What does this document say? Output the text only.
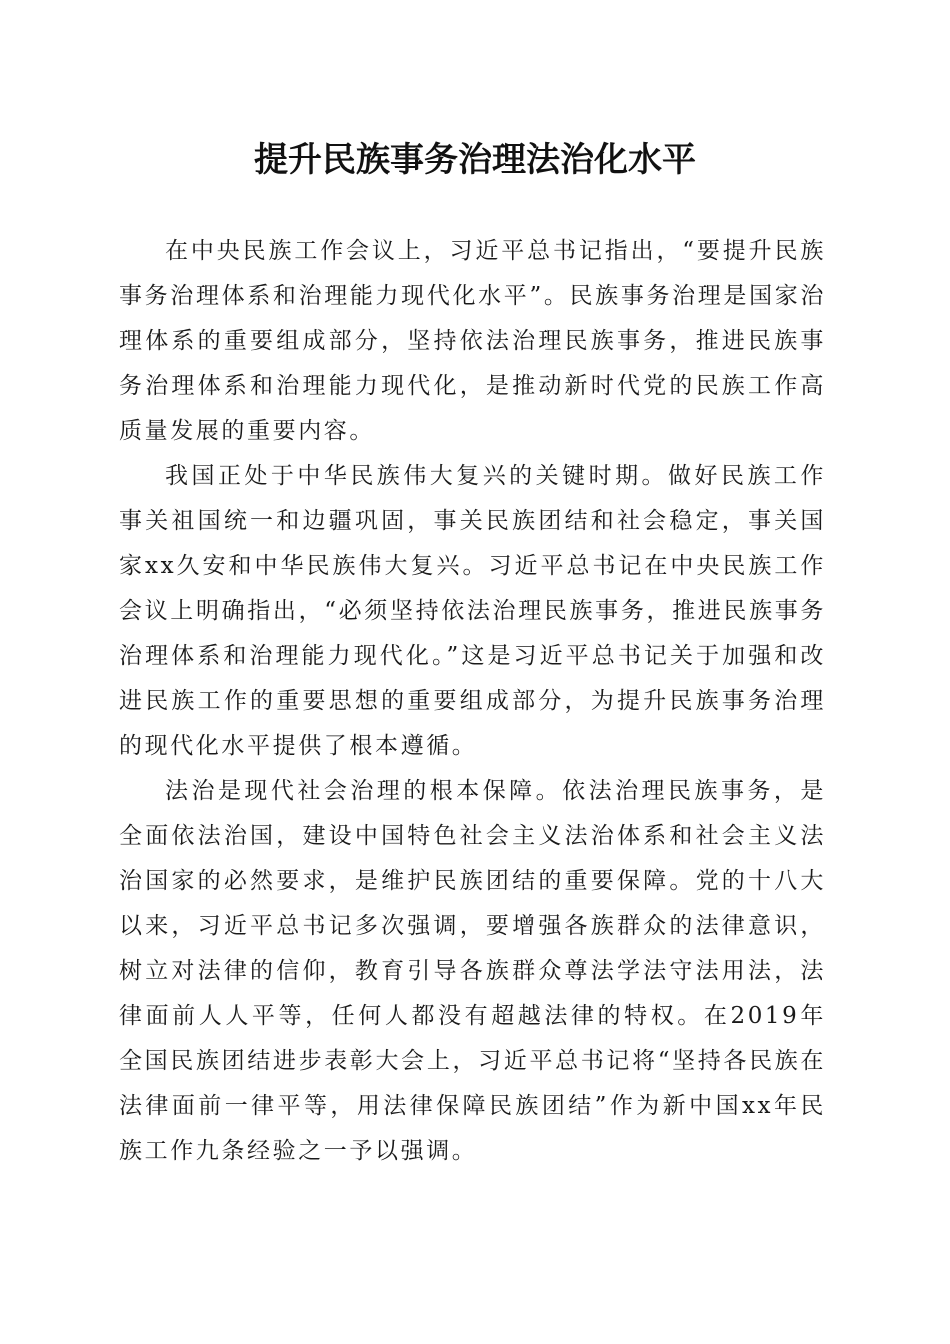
提升民族事务治理法治化水平

在中央民族工作会议上，习近平总书记指出，“要提升民族事务治理体系和治理能力现代化水平”。民族事务治理是国家治理体系的重要组成部分，坚持依法治理民族事务，推进民族事务治理体系和治理能力现代化，是推动新时代党的民族工作高质量发展的重要内容。

我国正处于中华民族伟大复兴的关键时期。做好民族工作事关祖国统一和边疆巩固，事关民族团结和社会稳定，事关国家xx久安和中华民族伟大复兴。习近平总书记在中央民族工作会议上明确指出，“必须坚持依法治理民族事务，推进民族事务治理体系和治理能力现代化。”这是习近平总书记关于加强和改进民族工作的重要思想的重要组成部分，为提升民族事务治理的现代化水平提供了根本遵循。

法治是现代社会治理的根本保障。依法治理民族事务，是全面依法治国，建设中国特色社会主义法治体系和社会主义法治国家的必然要求，是维护民族团结的重要保障。党的十八大以来，习近平总书记多次强调，要增强各族群众的法律意识，树立对法律的信仰，教育引导各族群众尊法学法守法用法，法律面前人人平等，任何人都没有超越法律的特权。在2019年全国民族团结进步表彰大会上，习近平总书记将“坚持各民族在法律面前一律平等，用法律保障民族团结”作为新中国xx年民族工作九条经验之一予以强调。
